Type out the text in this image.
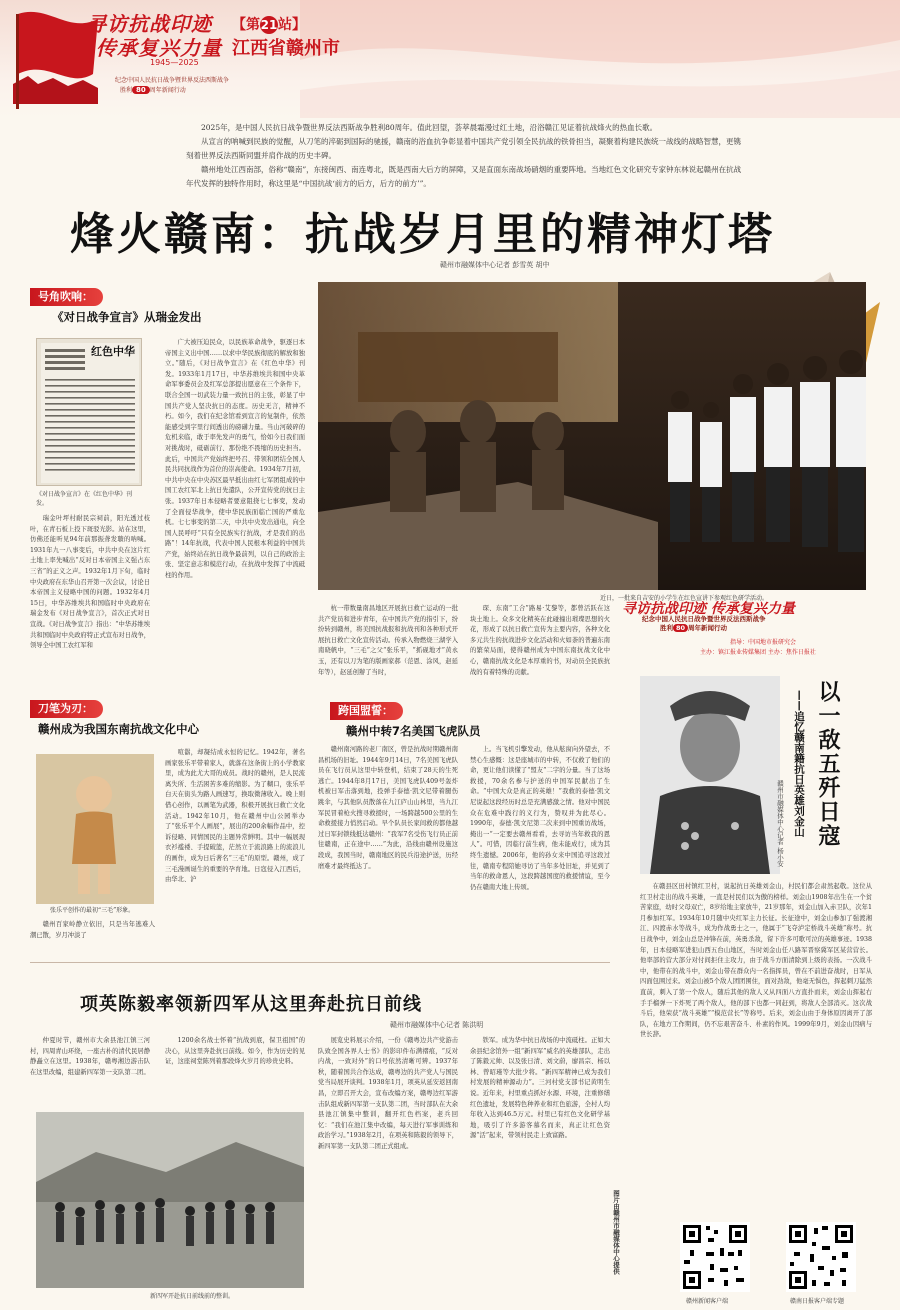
寻访抗战印迹
传承复兴力量
1945—2025
纪念中国人民抗日战争暨世界反法西斯战争
胜利 80 周年新闻行动
【第21站】
江西省赣州市

2025年，是中国人民抗日战争暨世界反法西斯战争胜利80周年。值此回望，荟萃晨霜漫过红土地，沿浴赣江见证着抗战烽火的热血长歌。

从宣言的呐喊到民族的觉醒，从刀笔的淬砺到国际的驰援，赣南的浴血抗争彰显着中国共产党引领全民抗战的铁骨担当，凝聚着构建民族统一战线的战略智慧，更镌刻着世界反法西斯同盟并肩作战的历史丰碑。

赣州地处江西南部，俗称“赣南”，东接闽西、南连粤北，既是西南大后方的屏障，又是直面东南战场硝烟的重要阵地。当地红色文化研究专家钟东林说起赣州在抗战年代发挥的独特作用时，称这里是“中国抗战‘前方的后方，后方的前方’”。

烽火赣南：抗战岁月里的精神灯塔
赣州市融媒体中心记者 彭雪英 胡中
号角吹响：
《对日战争宣言》从瑞金发出
红色中华
《对日战争宣言》在《红色中华》刊发。

瑞金叶坪村耐民宗祠前，阳光透过枝叶，在青石板上投下斑驳光影。站在这里，仿佛还能听见94年前那振聋发聩的呐喊。1931年九一八事变后，中共中央在这片红土地上率先喊出“反对日本帝国主义强占东三省”的正义之声。1932年1月下旬，临时中央政府在东华山召开第一次会议，讨论日本帝国主义侵略中国的问题。1932年4月15日，中华苏维埃共和国临时中央政府在瑞金发布《对日战争宣言》，首次正式对日宣战。《对日战争宣言》指出：“中华苏维埃共和国临时中央政府特正式宣布对日战争，领导全中国工农红军和

广大被压迫民众，以民族革命战争，驱逐日本帝国主义出中国……以求中华民族彻底的解放和独立。”随后，《对日战争宣言》在《红色中华》刊发。1933年1月17日，中华苏维埃共和国中央革命军事委员会及红军总部提出愿意在三个条件下，联合全国一切武装力量一致抗日的主张，彰显了中国共产党人坚决抗日的态度。历史无言，精神不朽。如今，我们在纪念馆看到宣言的复制件，依然能感受到字里行间透出的磅礴力量。当山河破碎的危机来临，敢于率先发声的勇气，恰如今日我们面对挑战时，砥砺前行、那份绝不畏缩的历史担当。此后，中国共产党始终把号召、带领和团结全国人民共同抗战作为首位的崇高使命。1934年7月初，中共中央在中央苏区最早抵出由红七军团组成的中国工农红军北上抗日先遣队，公开宣传党的抗日主张。1937年日本侵略者要意阻挠七七事变，发动了全面侵华战争，使中华民族面临亡国的严重危机。七七事变的第二天，中共中央发出通电，向全国人民呼吁“只有全民族实行抗战，才是我们的出路”！14年抗战，代表中国人民根本利益的中国共产党，始终站在抗日战争最前列，以自己的政治主张、坚定意志和模范行动，在抗战中发挥了中流砥柱的作用。

近日，一批来自吉安的小学生在红色宣讲下参观红色研学活动。

杭一带数量南昌地区开展抗日救亡运动的一批共产党员和进步青年，在中国共产党的指引下，纷纷转到赣州，将美国抗战报和抗战刊和各种形式开展抗日救亡文化宣传活动。传承入物燃烧三湖学入南晓帆中，“三毛”之父“张乐平，“抓砚地才”黄永玉，还有以刀为笔的版画家郝（范恩、涂风，赵延年等），赵延创辦了当时，

琛、东南“工合”路易·艾黎等，都曾活跃在这块土地上。众多文化精英在此碰撞出璀璨思想的火花，形成了以抗日救亡宣传为主要内容，各种文化多元共生的抗战进步文化活动和火如荼的普遍东南的繁荣局面，使得赣州成为中国东南抗战文化中心，赣南抗战文化是本厚重的书，对动员全民族抗战的有着特殊的贡献。

刀笔为刃：
赣州成为我国东南抗战文化中心
张乐平创作的最初“三毛”形象。

赣州百家岭静立依旧，只是当年逃难人潮已散，岁月冲淡了

喧嚣，却凝结成永恒的记忆。1942年，著名画家张乐平带着家人，就落在这条街上的小学教家里，成为此尤大哥的成员。战时的赣州，是人民流离失所、生活困苦多难的缩影。为了糊口，张乐平白天在街头为路人画速写，换取微薄收入。晚上则借心创作，以画笔为武器，积极开展抗日救亡文化活动。1942年10月，他在赣州中山公园举办了“张乐平个人画展”，展出的200余幅作品中，控诉侵略、同情国民的主题异常鲜明。其中一幅展现衣衫褴褛、手提破篮，茫然立于流浪路上的流浪儿的画作，成为日后著名“三毛”的原型。赣州，成了三毛漫画诞生的重要的孕育地。日寇侵入江西后，由华北、沪

跨国盟誓：
赣州中转7名美国飞虎队员

赣州南河路的老厂南区，曾是抗战时期赣州南昌机场的旧址。1944年9月14日，7名美国飞虎队员在飞行员从这里中转登机，结束了28天的生死逃亡。1944年8月17日，美国飞虎队409号轰炸机被日军击落到地，投弹手泰德·凯文尼带着腿伤跳伞，与其他队员散落在九江庐山山林里，当九江军民冒着枪火搜寻救援时，一场跨越500公里的生命救援接力悄然启动。早个队员长家间救的都他越过日军封锁线抵达赣州：“我军7名受伤飞行员正前往赣南，正在途中……”为此，沿线由赣州设施这段成，我国当时，赣南地区的民兵沿途护送，历经磨难才最终抵达了。

上。当飞机引擎发动，他从舷窗向外望去，不禁心生感慨：这是座城市的中转，不仅救了他们的命，更让他们读懂了“盟友”二字的分量。当了这场救援，70余名参与护送的中国军民献出了生命。“中国大众是真正的英雄！”我救的泰德·凯文尼说起这段经历时总是充满感激之情。他对中国民众在危难中践行的义行为，赞叹并为此尽心。1990年，泰德·凯文尼第二次来到中国重访战场，掩出一“一定要去赣州看看，去寻访当年救我的恩人”。可惜，因临行前生病，他未能成行，成为其终生遗憾。2006年，他的孙女来中国追寻这段过往，赣南专程陪她寻访了当年多处旧址，并见到了当年的救命恩人，这段跨越国度的救援情谊，至今仍在赣南大地上传颂。

寻访抗战印迹 传承复兴力量
纪念中国人民抗日战争暨世界反法西斯战争
胜利 80 周年新闻行动
指导：中国地市报研究会
主办：镇江报业传媒集团 主办：焦作日报社
以一敌五歼日寇
——追忆赣南籍抗日英雄刘金山
赣州市融媒体中心记者 杨小安

在赣县区田村镇红卫村，说起抗日英雄刘金山，村民们都会肃然起敬。这位从红卫村走出的战斗英雄，一直是村民们以为傲的榜样。刘金山1908年出生在一个贫苦家庭，幼时父母双亡，8岁给地主家放牛，21岁那年，刘金山加入赤卫队，次年1月参加红军。1934年10月随中央红军主力长征。长征途中，刘金山参加了强渡湘江、四渡赤水等战斗，成为作战勇士之一，他属于“飞夺泸定桥战斗英雄”称号。抗日战争中，刘金山总是冲锋在前，英勇杀敌，留下许多可歌可泣的英雄事迹。1938年，日本侵略军进犯山西五台山地区，当时刘金山任八路军晋察冀军区某营营长。他率部的营大部分对付间拒住主攻力，由于战斗方面清除到上级的表扬。一次战斗中，他带在的战斗中，刘金山带在群众内一名指挥员，曾在不前进奋战时，日军从四面包围过来。刘金山被5个敌人团团围住，面对劲敌，他毫无惧色，挥起刺刀猛然直前，刺入了第一个敌人，随后其他的敌人又从四面八方直扑而来，刘金山挥起右手手榴弹一下炸死了两个敌人，他的部下也都一同赶到，将敌人全部消灭。这次战斗后，他荣获“战斗英雄”“模范营长”等称号。后来，刘金山由于身体原因离开了部队，在地方工作期间，仍不忘艰苦奋斗、朴素的作风。1999年9月，刘金山因病与世长辞。

图片由赣州市融媒体中心提供
赣州新闻客户端	赣南日报客户端专题
项英陈毅率领新四军从这里奔赴抗日前线
赣州市融媒体中心记者 陈洪明

仲夏时节，赣州市大余县池江镇三河村，四周青山环绕，一座古朴的清代民居静静矗立在这里。1938年，赣粤湘边游击队在这里改编，组建新四军第一支队第二团。

1200余名战士怀着“抗战到底，保卫祖国”的决心，从这里奔赴抗日前线。如今，作为历史的见证，这座祠堂陈列着那段烽火岁月的珍贵史料。

新四军开赴抗日前线前的整训。

展览史料展示介绍，一份《赣粤边共产党游击队致全国各界人士书》的影印件布满褶痕，“反对内战，一致对外”的口号依然清晰可辨。1937年秋，随着国共合作达成，赣粤边的共产党人与国民党当局展开谈判。1938年1月，项英从延安返回南昌，立即召开大会，宣布改编方案，赣粤边红军游击队组成新四军第一支队第二团，当时部队在大余县池江镇集中整训，翻开红色档案，老兵回忆：“我们在池江集中改编，每天进行军事训练和政治学习。”1938年2月，在项英和陈毅的领导下，新四军第一支队第二团正式组成。

铁军。成为华中抗日战场的中流砥柱。正如大余县纪念馆外一组“新四军”威名的英雄部队，走出了陈毅元帅、以及张日清、刘文蔚，廖昌宗、杨以林、曾昭瑾等大批少将。“新四军精神已成为我们村发展的精神源动力”。三河村党支部书记黄明生说。近年来，村里重点抓好水源、环境，注重修缮红色遗址，发展特色种养业和红色旅游，全村人均年收入达到46.5万元。村里已有红色文化研学基地，吸引了许多游客慕名而来，真正让红色资源“活”起来，带领村民走上致富路。
